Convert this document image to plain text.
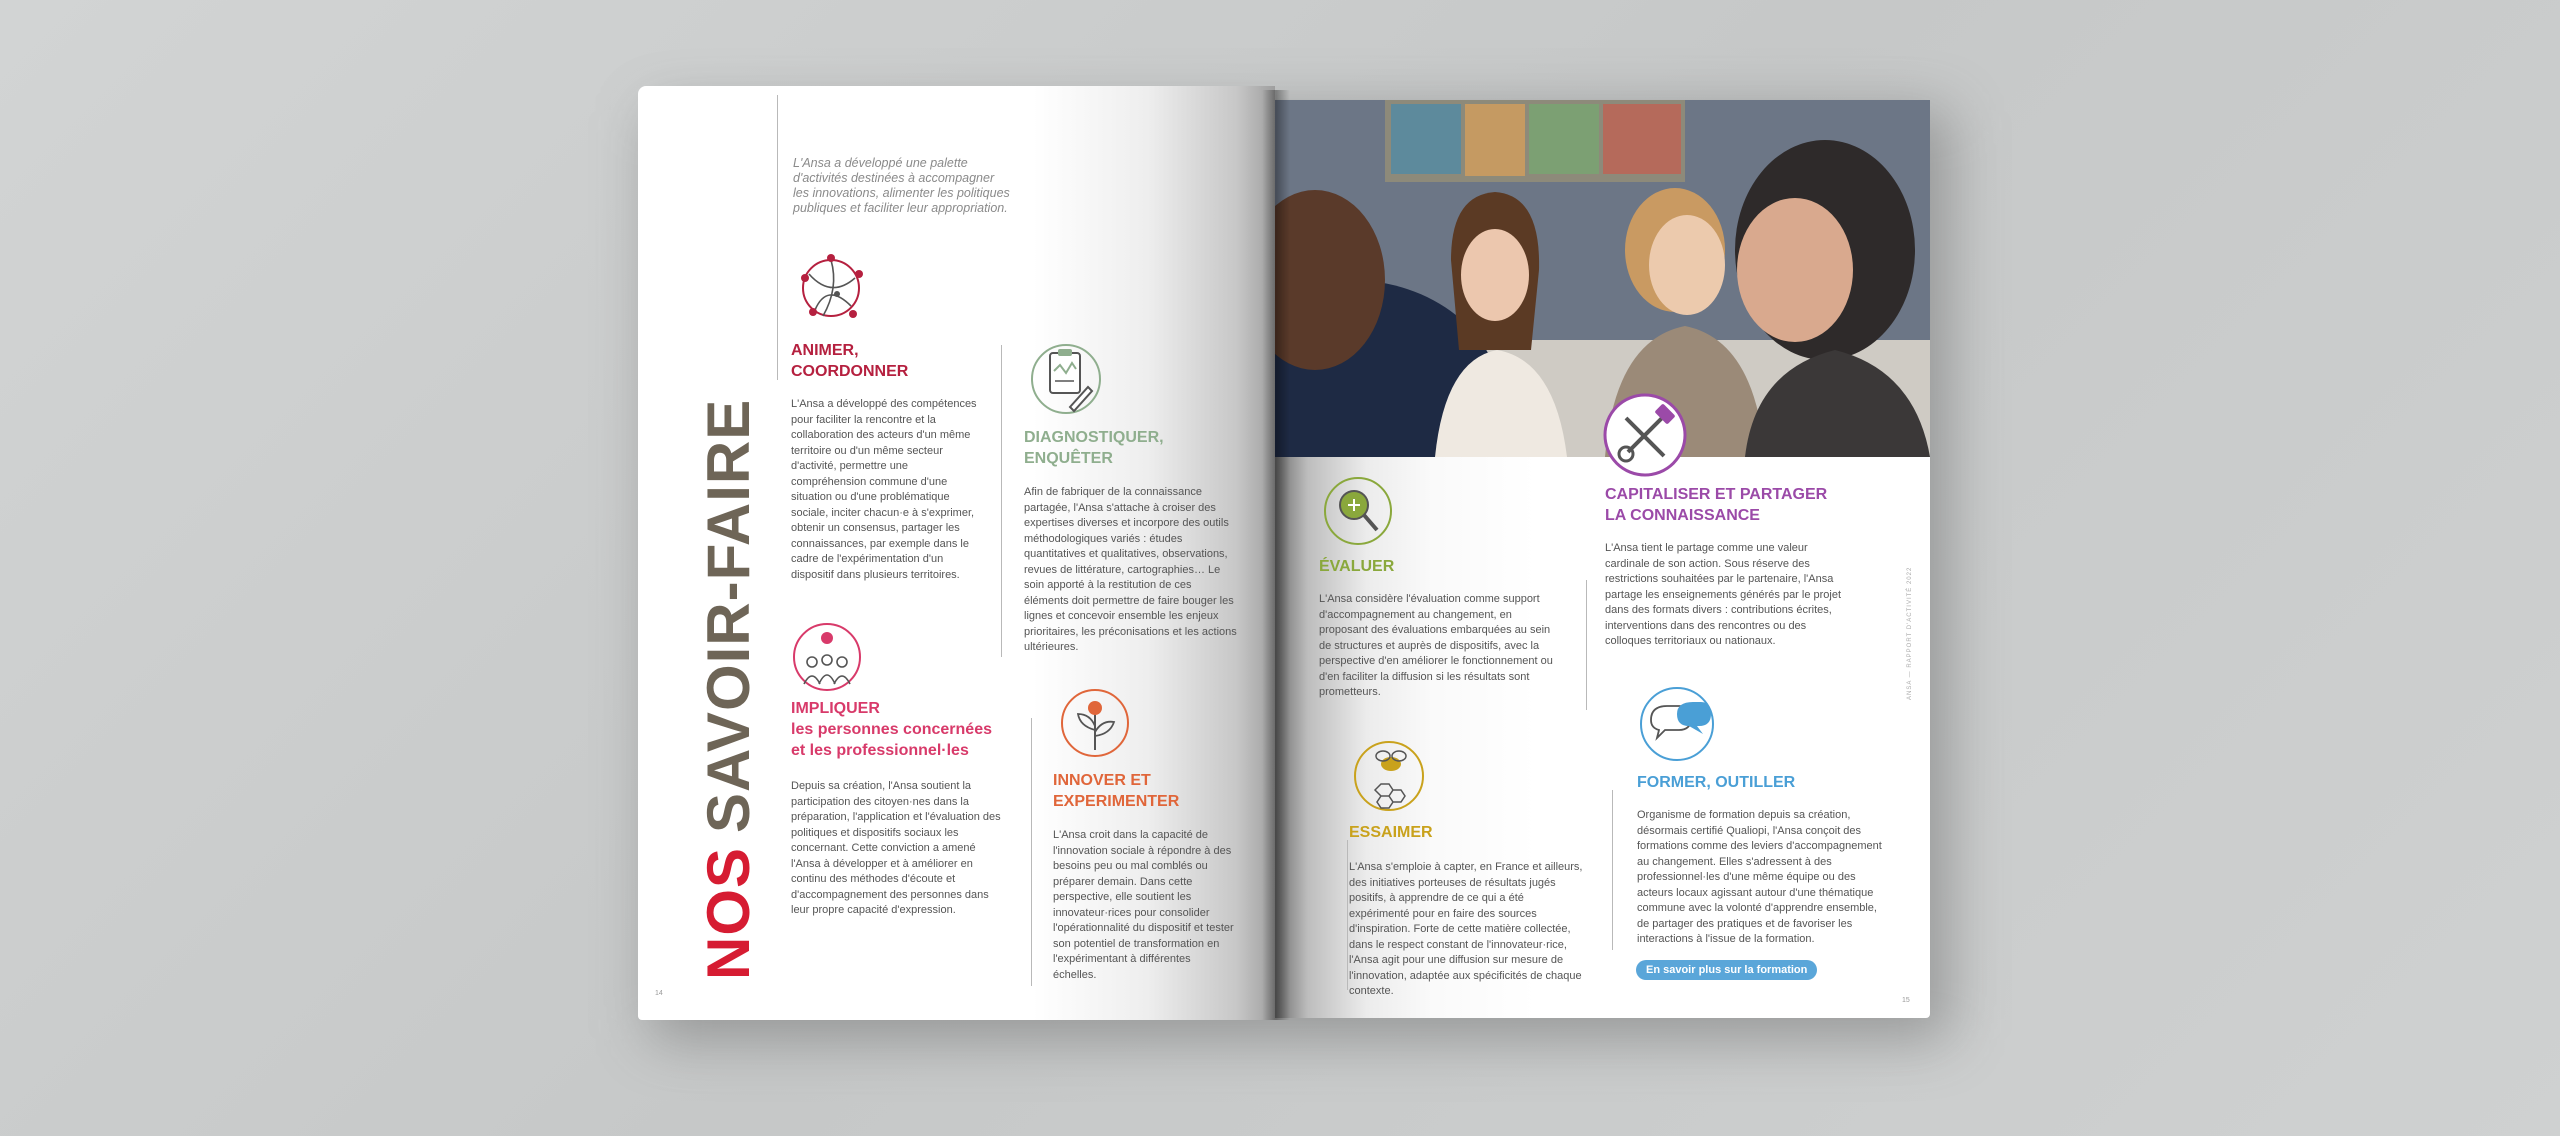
NOSSAVOIR-FAIRE
L'Ansa a développé une palette d'activités destinées à accompagner les innovations, alimenter les politiques publiques et faciliter leur appropriation.
ANIMER,
COORDONNER
L'Ansa a développé des compétences pour faciliter la rencontre et la collaboration des acteurs d'un même territoire ou d'un même secteur d'activité, permettre une compréhension commune d'une situation ou d'une problématique sociale, inciter chacun·e à s'exprimer, obtenir un consensus, partager les connaissances, par exemple dans le cadre de l'expérimentation d'un dispositif dans plusieurs territoires.
DIAGNOSTIQUER,
ENQUÊTER
Afin de fabriquer de la connaissance partagée, l'Ansa s'attache à croiser des expertises diverses et incorpore des outils méthodologiques variés : études quantitatives et qualitatives, observations, revues de littérature, cartographies… Le soin apporté à la restitution de ces éléments doit permettre de faire bouger les lignes et concevoir ensemble les enjeux prioritaires, les préconisations et les actions ultérieures.
IMPLIQUER
les personnes concernées
et les professionnel·les
Depuis sa création, l'Ansa soutient la participation des citoyen·nes dans la préparation, l'application et l'évaluation des politiques et dispositifs sociaux les concernant. Cette conviction a amené l'Ansa à développer et à améliorer en continu des méthodes d'écoute et d'accompagnement des personnes dans leur propre capacité d'expression.
INNOVER ET
EXPERIMENTER
L'Ansa croit dans la capacité de l'innovation sociale à répondre à des besoins peu ou mal comblés ou préparer demain. Dans cette perspective, elle soutient les innovateur·rices pour consolider l'opérationnalité du dispositif et tester son potentiel de transformation en l'expérimentant à différentes échelles.
14
CAPITALISER ET PARTAGER
LA CONNAISSANCE
L'Ansa tient le partage comme une valeur cardinale de son action. Sous réserve des restrictions souhaitées par le partenaire, l'Ansa partage les enseignements générés par le projet dans des formats divers : contributions écrites, interventions dans des rencontres ou des colloques territoriaux ou nationaux.
ÉVALUER
L'Ansa considère l'évaluation comme support d'accompagnement au changement, en proposant des évaluations embarquées au sein de structures et auprès de dispositifs, avec la perspective d'en améliorer le fonctionnement ou d'en faciliter la diffusion si les résultats sont prometteurs.
ESSAIMER
L'Ansa s'emploie à capter, en France et ailleurs, des initiatives porteuses de résultats jugés positifs, à apprendre de ce qui a été expérimenté pour en faire des sources d'inspiration. Forte de cette matière collectée, dans le respect constant de l'innovateur·rice, l'Ansa agit pour une diffusion sur mesure de l'innovation, adaptée aux spécificités de chaque contexte.
FORMER, OUTILLER
Organisme de formation depuis sa création, désormais certifié Qualiopi, l'Ansa conçoit des formations comme des leviers d'accompagnement au changement. Elles s'adressent à des professionnel·les d'une même équipe ou des acteurs locaux agissant autour d'une thématique commune avec la volonté d'apprendre ensemble, de partager des pratiques et de favoriser les interactions à l'issue de la formation.
En savoir plus sur la formation
ANSA — RAPPORT D'ACTIVITÉ 2022
15
